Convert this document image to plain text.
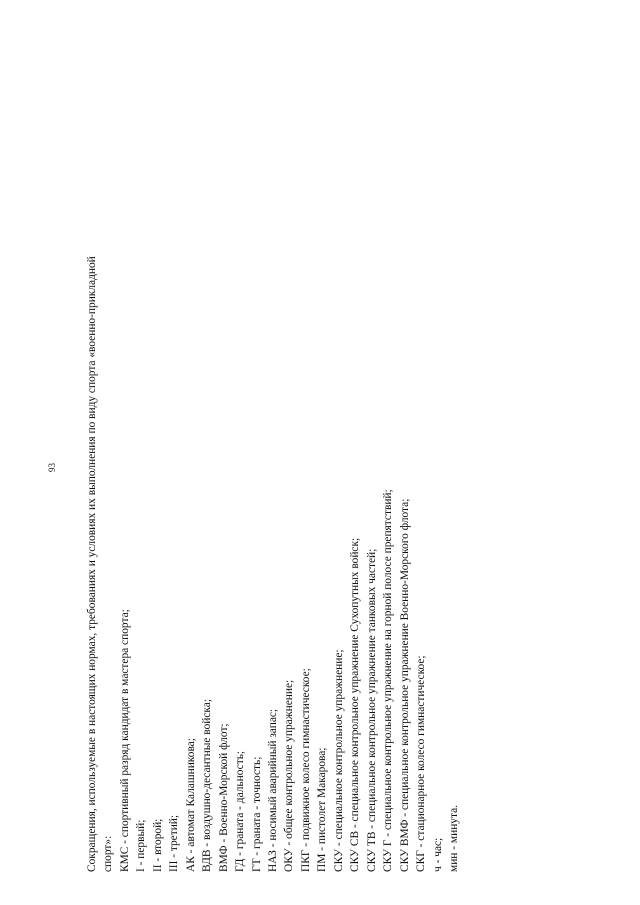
93	Сокращения, используемые в настоящих нормах, требованиях и условиях их выполнения по виду спорта «военно-прикладной спорт»: КМС - спортивный разряд кандидат в мастера спорта; I - первый; II - второй; III - третий; АК - автомат Калашникова; ВДВ - воздушно-десантные войска; ВМФ - Военно-Морской флот; ГД - граната - дальность; ГТ - граната - точность; НАЗ - носимый аварийный запас; ОКУ - общее контрольное упражнение; ПКГ - подвижное колесо гимнастическое; ПМ - пистолет Макарова; СКУ - специальное контрольное упражнение; СКУ СВ - специальное контрольное упражнение Сухопутных войск; СКУ ТВ - специальное контрольное упражнение танковых частей; СКУ Г - специальное контрольное упражнение на горной полосе препятствий; СКУ ВМФ - специальное контрольное упражнение Военно-Морского флота; СКГ - стационарное колесо гимнастическое; ч - час; мин - минута.
